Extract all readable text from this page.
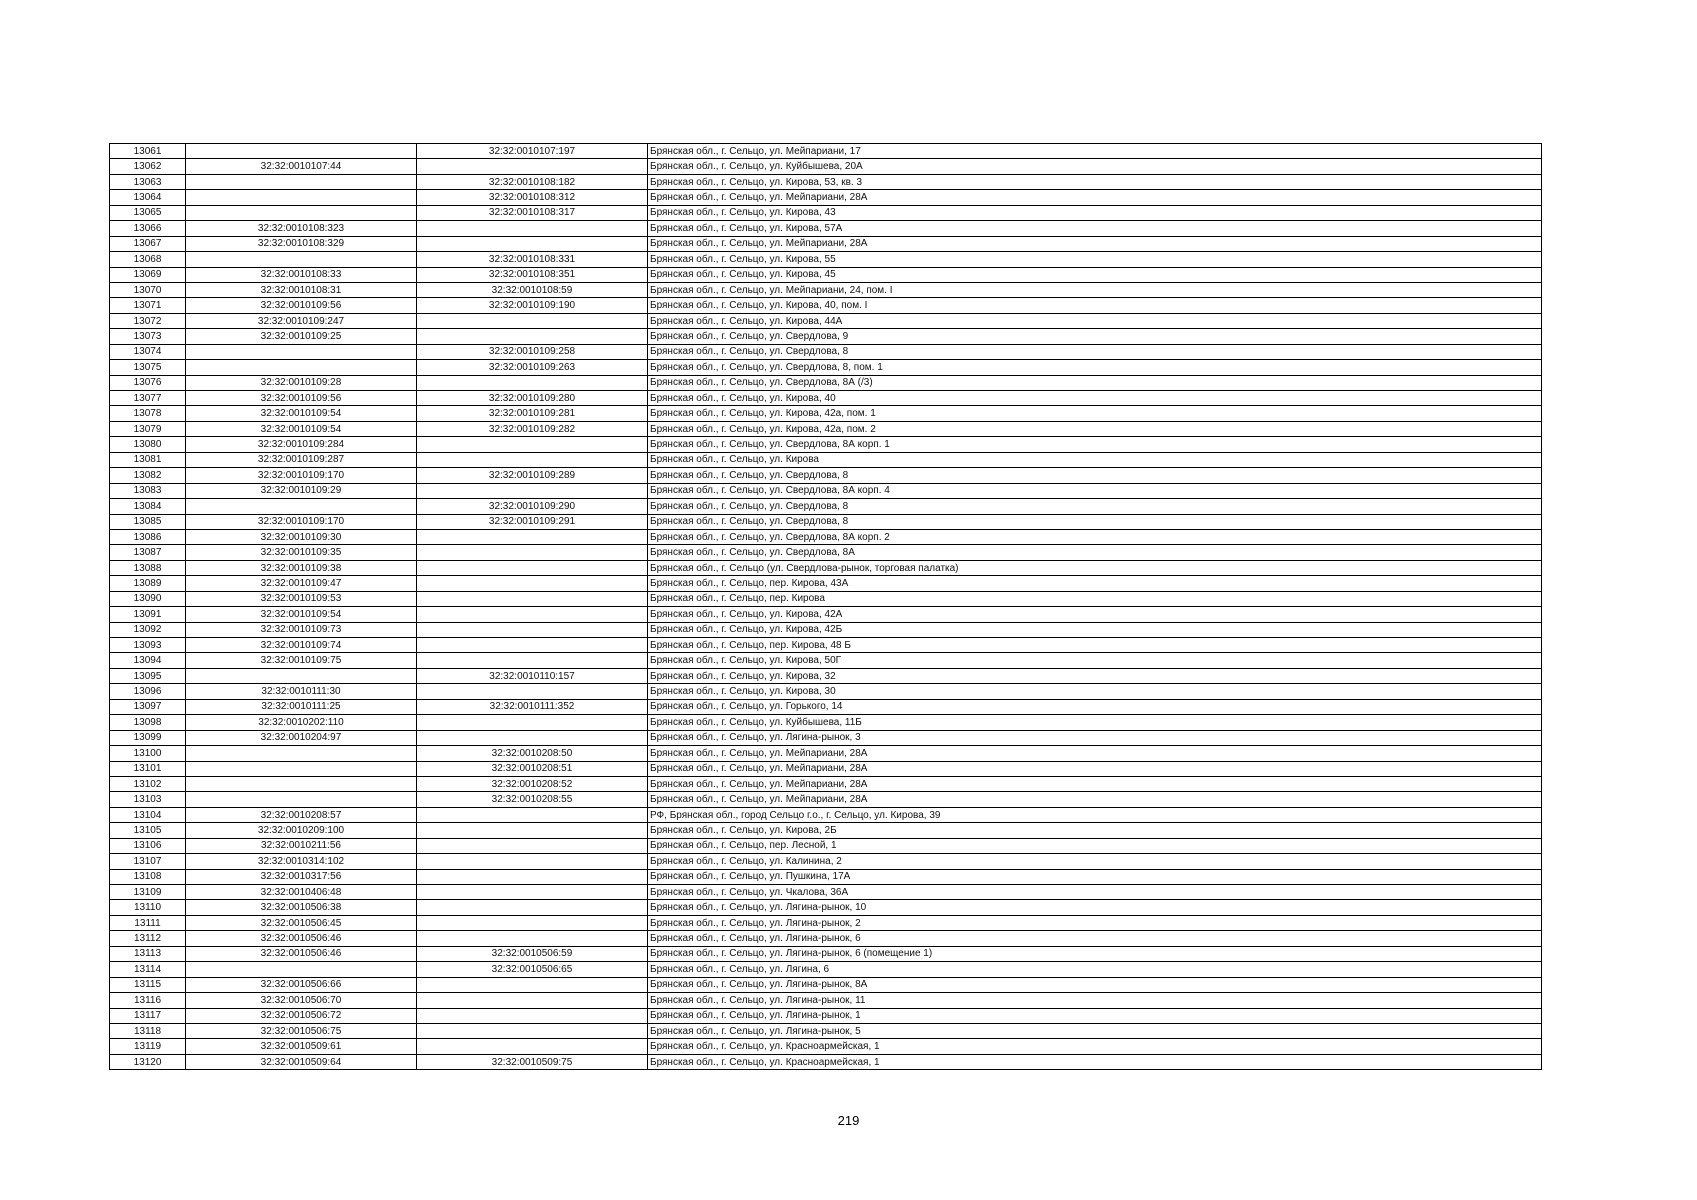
13061		32:32:0010107:197	Брянская обл., г. Сельцо, ул. Мейпариани, 17
13062	32:32:0010107:44		Брянская обл., г. Сельцо, ул. Куйбышева, 20А
13063		32:32:0010108:182	Брянская обл., г. Сельцо, ул. Кирова, 53, кв. 3
13064		32:32:0010108:312	Брянская обл., г. Сельцо, ул. Мейпариани, 28А
13065		32:32:0010108:317	Брянская обл., г. Сельцо, ул. Кирова, 43
13066	32:32:0010108:323		Брянская обл., г. Сельцо, ул. Кирова, 57А
13067	32:32:0010108:329		Брянская обл., г. Сельцо, ул. Мейпариани, 28А
13068		32:32:0010108:331	Брянская обл., г. Сельцо, ул. Кирова, 55
13069	32:32:0010108:33	32:32:0010108:351	Брянская обл., г. Сельцо, ул. Кирова, 45
13070	32:32:0010108:31	32:32:0010108:59	Брянская обл., г. Сельцо, ул. Мейпариани, 24, пом. I
13071	32:32:0010109:56	32:32:0010109:190	Брянская обл., г. Сельцо, ул. Кирова, 40, пом. I
13072	32:32:0010109:247		Брянская обл., г. Сельцо, ул. Кирова, 44А
13073	32:32:0010109:25		Брянская обл., г. Сельцо, ул. Свердлова, 9
13074		32:32:0010109:258	Брянская обл., г. Сельцо, ул. Свердлова, 8
13075		32:32:0010109:263	Брянская обл., г. Сельцо, ул. Свердлова, 8, пом. 1
13076	32:32:0010109:28		Брянская обл., г. Сельцо, ул. Свердлова, 8А (/3)
13077	32:32:0010109:56	32:32:0010109:280	Брянская обл., г. Сельцо, ул. Кирова, 40
13078	32:32:0010109:54	32:32:0010109:281	Брянская обл., г. Сельцо, ул. Кирова, 42а, пом. 1
13079	32:32:0010109:54	32:32:0010109:282	Брянская обл., г. Сельцо, ул. Кирова, 42а, пом. 2
13080	32:32:0010109:284		Брянская обл., г. Сельцо, ул. Свердлова, 8А корп. 1
13081	32:32:0010109:287		Брянская обл., г. Сельцо, ул. Кирова
13082	32:32:0010109:170	32:32:0010109:289	Брянская обл., г. Сельцо, ул. Свердлова, 8
13083	32:32:0010109:29		Брянская обл., г. Сельцо, ул. Свердлова, 8А корп. 4
13084		32:32:0010109:290	Брянская обл., г. Сельцо, ул. Свердлова, 8
13085	32:32:0010109:170	32:32:0010109:291	Брянская обл., г. Сельцо, ул. Свердлова, 8
13086	32:32:0010109:30		Брянская обл., г. Сельцо, ул. Свердлова, 8А корп. 2
13087	32:32:0010109:35		Брянская обл., г. Сельцо, ул. Свердлова, 8А
13088	32:32:0010109:38		Брянская обл., г. Сельцо (ул. Свердлова-рынок, торговая палатка)
13089	32:32:0010109:47		Брянская обл., г. Сельцо, пер. Кирова, 43А
13090	32:32:0010109:53		Брянская обл., г. Сельцо, пер. Кирова
13091	32:32:0010109:54		Брянская обл., г. Сельцо, ул. Кирова, 42А
13092	32:32:0010109:73		Брянская обл., г. Сельцо, ул. Кирова, 42Б
13093	32:32:0010109:74		Брянская обл., г. Сельцо, пер. Кирова, 48 Б
13094	32:32:0010109:75		Брянская обл., г. Сельцо, ул. Кирова, 50Г
13095		32:32:0010110:157	Брянская обл., г. Сельцо, ул. Кирова, 32
13096	32:32:0010111:30		Брянская обл., г. Сельцо, ул. Кирова, 30
13097	32:32:0010111:25	32:32:0010111:352	Брянская обл., г. Сельцо, ул. Горького, 14
13098	32:32:0010202:110		Брянская обл., г. Сельцо, ул. Куйбышева, 11Б
13099	32:32:0010204:97		Брянская обл., г. Сельцо, ул. Лягина-рынок, 3
13100		32:32:0010208:50	Брянская обл., г. Сельцо, ул. Мейпариани, 28А
13101		32:32:0010208:51	Брянская обл., г. Сельцо, ул. Мейпариани, 28А
13102		32:32:0010208:52	Брянская обл., г. Сельцо, ул. Мейпариани, 28А
13103		32:32:0010208:55	Брянская обл., г. Сельцо, ул. Мейпариани, 28А
13104	32:32:0010208:57		РФ, Брянская обл., город Сельцо г.о., г. Сельцо, ул. Кирова, 39
13105	32:32:0010209:100		Брянская обл., г. Сельцо, ул. Кирова, 2Б
13106	32:32:0010211:56		Брянская обл., г. Сельцо, пер. Лесной, 1
13107	32:32:0010314:102		Брянская обл., г. Сельцо, ул. Калинина, 2
13108	32:32:0010317:56		Брянская обл., г. Сельцо, ул. Пушкина, 17А
13109	32:32:0010406:48		Брянская обл., г. Сельцо, ул. Чкалова, 36А
13110	32:32:0010506:38		Брянская обл., г. Сельцо, ул. Лягина-рынок, 10
13111	32:32:0010506:45		Брянская обл., г. Сельцо, ул. Лягина-рынок, 2
13112	32:32:0010506:46		Брянская обл., г. Сельцо, ул. Лягина-рынок, 6
13113	32:32:0010506:46	32:32:0010506:59	Брянская обл., г. Сельцо, ул. Лягина-рынок, 6 (помещение 1)
13114		32:32:0010506:65	Брянская обл., г. Сельцо, ул. Лягина, 6
13115	32:32:0010506:66		Брянская обл., г. Сельцо, ул. Лягина-рынок, 8А
13116	32:32:0010506:70		Брянская обл., г. Сельцо, ул. Лягина-рынок, 11
13117	32:32:0010506:72		Брянская обл., г. Сельцо, ул. Лягина-рынок, 1
13118	32:32:0010506:75		Брянская обл., г. Сельцо, ул. Лягина-рынок, 5
13119	32:32:0010509:61		Брянская обл., г. Сельцо, ул. Красноармейская, 1
13120	32:32:0010509:64	32:32:0010509:75	Брянская обл., г. Сельцо, ул. Красноармейская, 1
219
